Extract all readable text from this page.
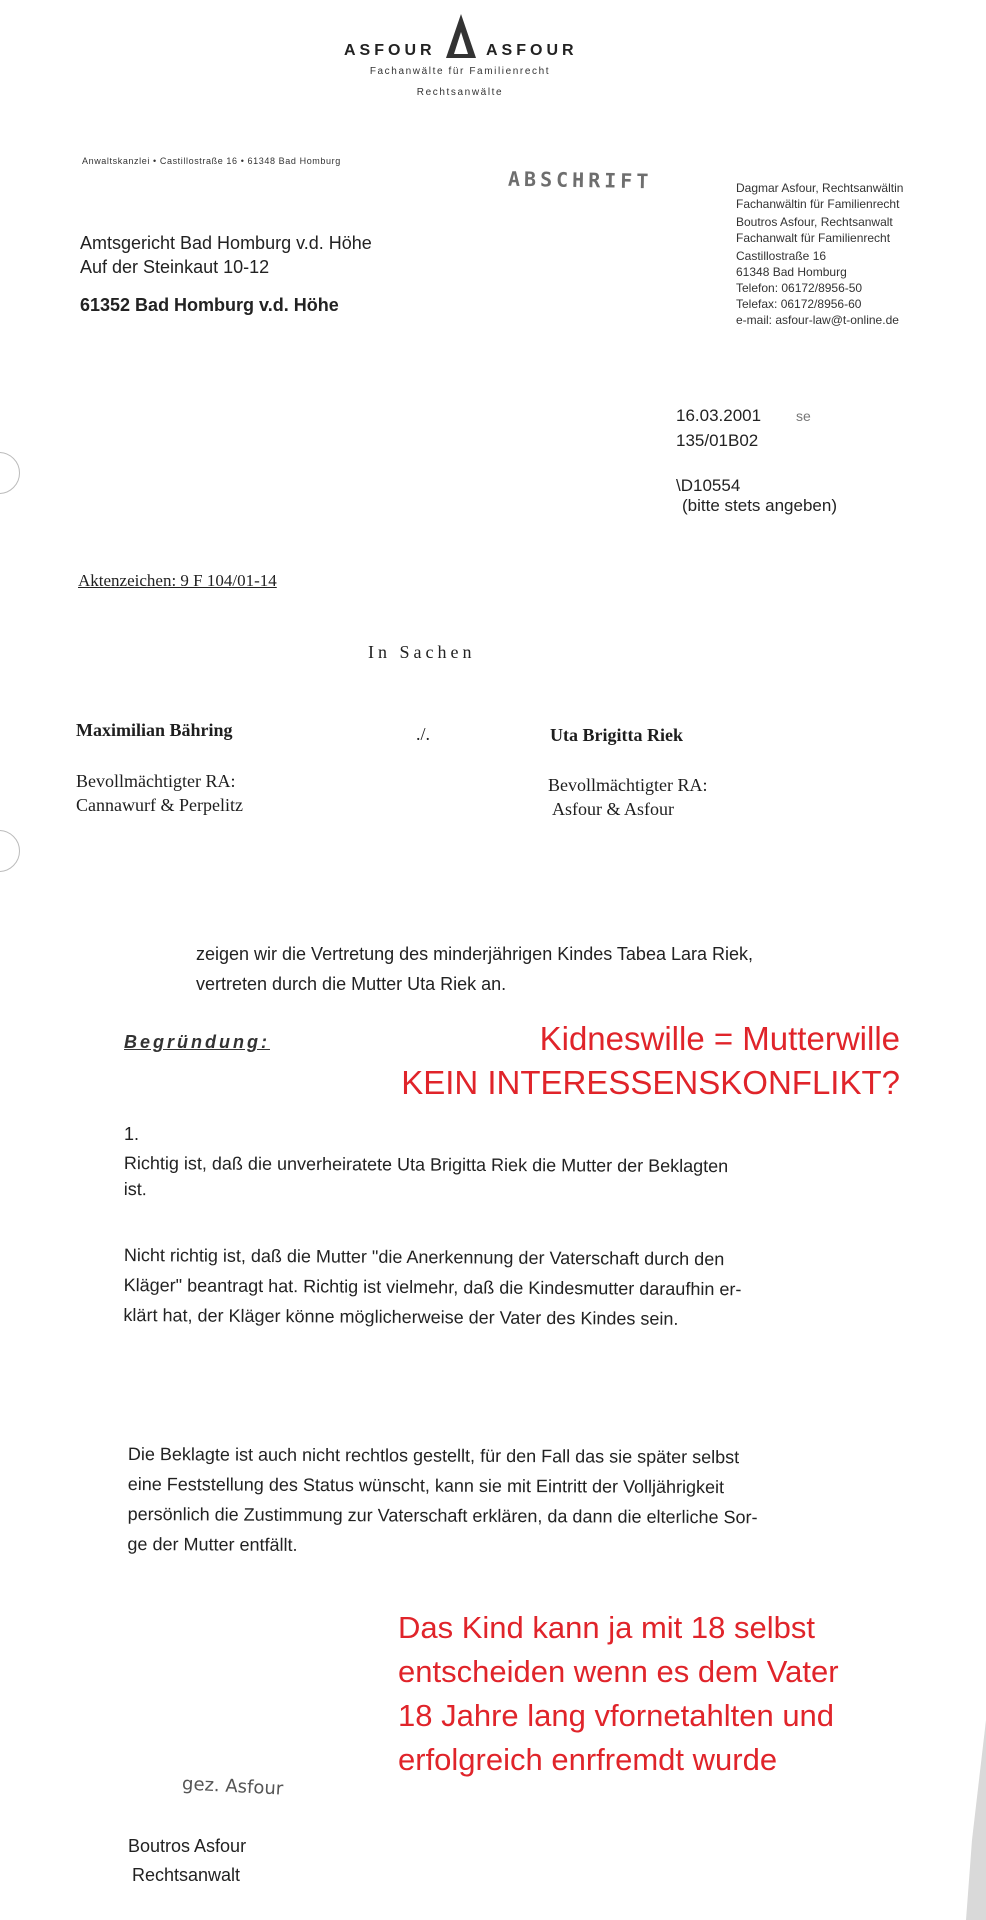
ASFOUR	ASFOUR
Fachanwälte für Familienrecht
Rechtsanwälte
Anwaltskanzlei • Castillostraße 16 • 61348 Bad Homburg
ABSCHRIFT	Dagmar Asfour, Rechtsanwältin
Fachanwältin für Familienrecht
Boutros Asfour, Rechtsanwalt
Fachanwalt für Familienrecht
Castillostraße 16
61348 Bad Homburg
Telefon: 06172/8956-50
Telefax: 06172/8956-60
e-mail: asfour-law@t-online.de
Amtsgericht Bad Homburg v.d. Höhe
Auf der Steinkaut 10-12
61352 Bad Homburg v.d. Höhe
16.03.2001 se
135/01B02
\D10554
(bitte stets angeben)
Aktenzeichen: 9 F 104/01-14
In Sachen
Maximilian Bähring	./.	Uta Brigitta Riek
Bevollmächtigter RA:
Cannawurf & Perpelitz
Bevollmächtigter RA:
Asfour & Asfour
zeigen wir die Vertretung des minderjährigen Kindes Tabea Lara Riek,
vertreten durch die Mutter Uta Riek an.
Begründung:	Kidneswille = Mutterwille
KEIN INTERESSENSKONFLIKT?
1.
Richtig ist, daß die unverheiratete Uta Brigitta Riek die Mutter der Beklagten
ist.
Nicht richtig ist, daß die Mutter "die Anerkennung der Vaterschaft durch den
Kläger" beantragt hat. Richtig ist vielmehr, daß die Kindesmutter daraufhin er-
klärt hat, der Kläger könne möglicherweise der Vater des Kindes sein.
Die Beklagte ist auch nicht rechtlos gestellt, für den Fall das sie später selbst
eine Feststellung des Status wünscht, kann sie mit Eintritt der Volljährigkeit
persönlich die Zustimmung zur Vaterschaft erklären, da dann die elterliche Sor-
ge der Mutter entfällt.
Das Kind kann ja mit 18 selbst
entscheiden wenn es dem Vater
18 Jahre lang vfornetahlten und
erfolgreich enrfremdt wurde
gez. Asfour
Boutros Asfour
Rechtsanwalt
